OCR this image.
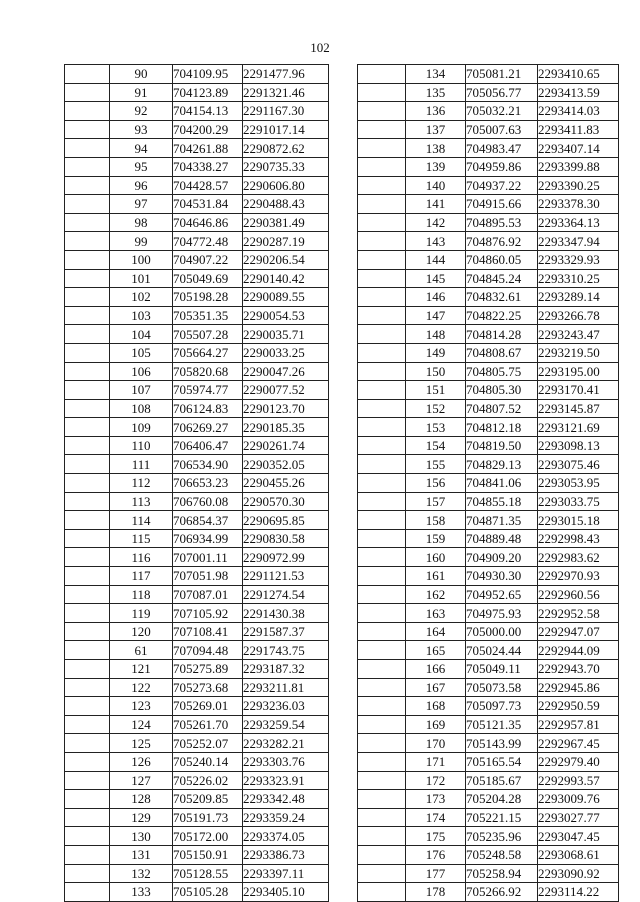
102
	90	704109.95	2291477.96
	91	704123.89	2291321.46
	92	704154.13	2291167.30
	93	704200.29	2291017.14
	94	704261.88	2290872.62
	95	704338.27	2290735.33
	96	704428.57	2290606.80
	97	704531.84	2290488.43
	98	704646.86	2290381.49
	99	704772.48	2290287.19
	100	704907.22	2290206.54
	101	705049.69	2290140.42
	102	705198.28	2290089.55
	103	705351.35	2290054.53
	104	705507.28	2290035.71
	105	705664.27	2290033.25
	106	705820.68	2290047.26
	107	705974.77	2290077.52
	108	706124.83	2290123.70
	109	706269.27	2290185.35
	110	706406.47	2290261.74
	111	706534.90	2290352.05
	112	706653.23	2290455.26
	113	706760.08	2290570.30
	114	706854.37	2290695.85
	115	706934.99	2290830.58
	116	707001.11	2290972.99
	117	707051.98	2291121.53
	118	707087.01	2291274.54
	119	707105.92	2291430.38
	120	707108.41	2291587.37
	61	707094.48	2291743.75
	121	705275.89	2293187.32
	122	705273.68	2293211.81
	123	705269.01	2293236.03
	124	705261.70	2293259.54
	125	705252.07	2293282.21
	126	705240.14	2293303.76
	127	705226.02	2293323.91
	128	705209.85	2293342.48
	129	705191.73	2293359.24
	130	705172.00	2293374.05
	131	705150.91	2293386.73
	132	705128.55	2293397.11
	133	705105.28	2293405.10
	134	705081.21	2293410.65
	135	705056.77	2293413.59
	136	705032.21	2293414.03
	137	705007.63	2293411.83
	138	704983.47	2293407.14
	139	704959.86	2293399.88
	140	704937.22	2293390.25
	141	704915.66	2293378.30
	142	704895.53	2293364.13
	143	704876.92	2293347.94
	144	704860.05	2293329.93
	145	704845.24	2293310.25
	146	704832.61	2293289.14
	147	704822.25	2293266.78
	148	704814.28	2293243.47
	149	704808.67	2293219.50
	150	704805.75	2293195.00
	151	704805.30	2293170.41
	152	704807.52	2293145.87
	153	704812.18	2293121.69
	154	704819.50	2293098.13
	155	704829.13	2293075.46
	156	704841.06	2293053.95
	157	704855.18	2293033.75
	158	704871.35	2293015.18
	159	704889.48	2292998.43
	160	704909.20	2292983.62
	161	704930.30	2292970.93
	162	704952.65	2292960.56
	163	704975.93	2292952.58
	164	705000.00	2292947.07
	165	705024.44	2292944.09
	166	705049.11	2292943.70
	167	705073.58	2292945.86
	168	705097.73	2292950.59
	169	705121.35	2292957.81
	170	705143.99	2292967.45
	171	705165.54	2292979.40
	172	705185.67	2292993.57
	173	705204.28	2293009.76
	174	705221.15	2293027.77
	175	705235.96	2293047.45
	176	705248.58	2293068.61
	177	705258.94	2293090.92
	178	705266.92	2293114.22
